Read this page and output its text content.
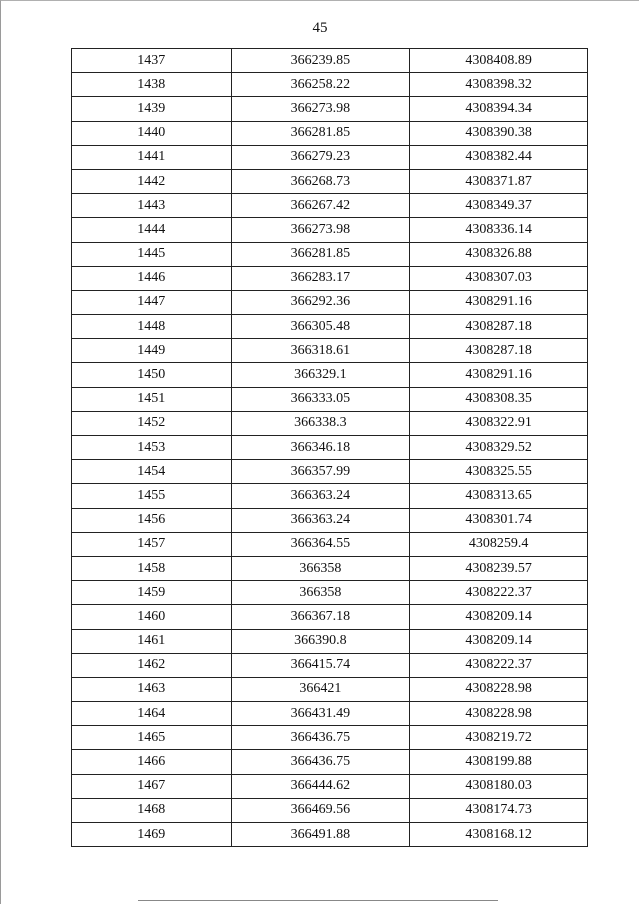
45
1437	366239.85	4308408.89
1438	366258.22	4308398.32
1439	366273.98	4308394.34
1440	366281.85	4308390.38
1441	366279.23	4308382.44
1442	366268.73	4308371.87
1443	366267.42	4308349.37
1444	366273.98	4308336.14
1445	366281.85	4308326.88
1446	366283.17	4308307.03
1447	366292.36	4308291.16
1448	366305.48	4308287.18
1449	366318.61	4308287.18
1450	366329.1	4308291.16
1451	366333.05	4308308.35
1452	366338.3	4308322.91
1453	366346.18	4308329.52
1454	366357.99	4308325.55
1455	366363.24	4308313.65
1456	366363.24	4308301.74
1457	366364.55	4308259.4
1458	366358	4308239.57
1459	366358	4308222.37
1460	366367.18	4308209.14
1461	366390.8	4308209.14
1462	366415.74	4308222.37
1463	366421	4308228.98
1464	366431.49	4308228.98
1465	366436.75	4308219.72
1466	366436.75	4308199.88
1467	366444.62	4308180.03
1468	366469.56	4308174.73
1469	366491.88	4308168.12
